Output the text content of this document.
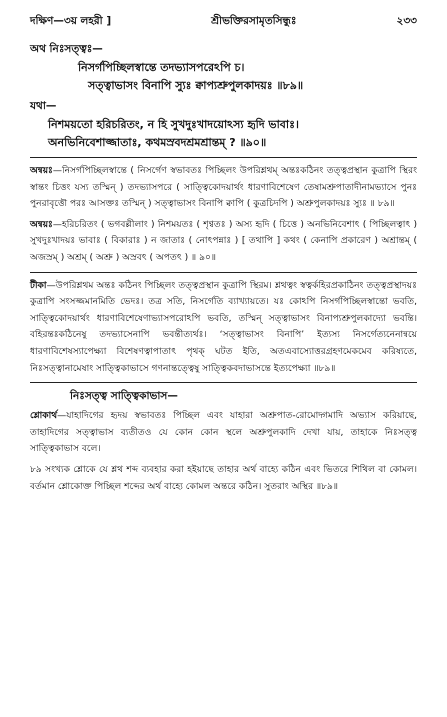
দক্ষিণ—৩য় লহরী ]	শ্রীভক্তিরসামৃতসিন্ধুঃ	২৩৩
অথ নিঃসত্ত্বঃ—
নিসর্গপিচ্ছিলস্বান্তে তদভ্যাসপরেঽপি চ।
সত্ত্বাভাসং বিনাপি স্যুঃ ক্বাপ্যশ্রুপুলকাদয়ঃ ॥৮৯॥
যথা—
নিশময়তো হরিচরিতং, ন হি সুখদুঃখাদয়োঽস্য হৃদি ভাবাঃ।
অনভিনিবেশাজ্জাতাঃ, কথমস্রবদশ্রমশ্রান্তম্ ? ॥৯০॥

অন্বয়ঃ—নিসর্গপিচ্ছিলস্বান্তে ( নিসর্গেণ স্বভাবতঃ পিচ্ছিলং উপরিশ্লথম্ অন্তঃকঠিনং তত্ত্বপ্রস্থান কুত্রাপি স্থিরং স্বান্তং চিত্তং যস্য তস্মিন্ ) তদভ্যাসপরে ( সাত্ত্বিকোদয়ার্থং ধারণাবিশেষেণ তেষামশ্রুপাতাদীনামভ্যাসে পুনঃ পুনরাবৃত্তৌ পরঃ আসক্তঃ তস্মিন্ ) সত্ত্বাভাসং বিনাপি ক্বাপি ( কুত্রচিদপি ) অশ্রুপুলকাদয়ঃ স্যুঃ ॥ ৮৯॥

অন্বয়ঃ—হরিচরিতং ( ভগবল্লীলাং ) নিশময়তঃ ( শৃণ্বতঃ ) অস্য হৃদি ( চিত্তে ) অনভিনিবেশাৎ ( পিচ্ছিলত্বাৎ ) সুখদুঃখাদয়ঃ ভাবাঃ ( বিকারাঃ ) ন জাতাঃ ( নোৎপন্নাঃ ) [ তথাপি ] কথং ( কেনাপি প্রকারেণ ) অশ্রান্তম্ ( অজস্রম্ ) অশ্রম্ ( অশ্রু ) অস্রবৎ ( অপতৎ ) ॥ ৯০॥

টীকা—উপরিশ্লথম অন্তঃ কঠিনং পিচ্ছিলং তত্ত্বপ্রস্থান কুত্রাপি স্থিরম। শ্লথত্বং স্বত্বর্কহিরপ্রকাঠিনং তত্ত্বপ্রস্থাদয়ঃ কুত্রাপি সংসজ্জমানমিতি ভেদঃ। তত্র সতি, নিসর্গেতি ব্যাখ্যায়তে। যঃ কোঽপি নিসর্গপিচ্ছিলস্বান্তো ভবতি, সাত্ত্বিকোদয়ার্থং ধারণাবিশেষেণাভ্যাসপরোঽপি ভবতি, তস্মিন্ সত্ত্বাভাসং বিনাপ্যশ্রুপুলকাদ্যো ভবন্তি। বহিরন্তঃকঠিনেষু তদভ্যাসেনাপি ভবন্তীত্যর্থঃ। ‘সত্ত্বাভাসং বিনাপি’ ইত্যস্য নিসর্গেত্যনেনান্বয়ে ধারণাবিশেষস্যাপেক্ষ্যা বিশেষণত্বাপাতাৎ পৃথক্ ঘটত ইতি, অতএবাস্যোত্তরগ্রহণমেকমেব করিষ্যতে, নিঃসত্ত্বানামেষাং সাত্ত্বিকাভাসে গণনান্তত্ত্বেষু সাত্ত্বিকবদাভাসন্তে ইত্যপেক্ষ্যা ॥৮৯॥

নিঃসত্ত্ব সাত্ত্বিকাভাস—

শ্লোকার্থ—যাহাদিগের হৃদয় স্বভাবতঃ পিচ্ছিল এবং যাহারা অশ্রুপাত-রোমোদ্গমাদি অভ্যাস করিয়াছে, তাহাদিগের সত্ত্বাভাস ব্যতীতও যে কোন কোন স্থলে অশ্রুপুলকাদি দেখা যায়, তাহাকে নিঃসত্ত্ব সাত্ত্বিকাভাস বলে।

৮৯ সংখ্যক শ্লোকে যে শ্লথ শব্দ ব্যবহার করা হইয়াছে তাহার অর্থ বাহ্যে কঠিন এবং ভিতরে শিথিল বা কোমল। বর্তমান শ্লোকোক্ত পিচ্ছিল শব্দের অর্থ বাহ্যে কোমল অন্তরে কঠিন। সুতরাং অস্থির ॥৮৯॥
